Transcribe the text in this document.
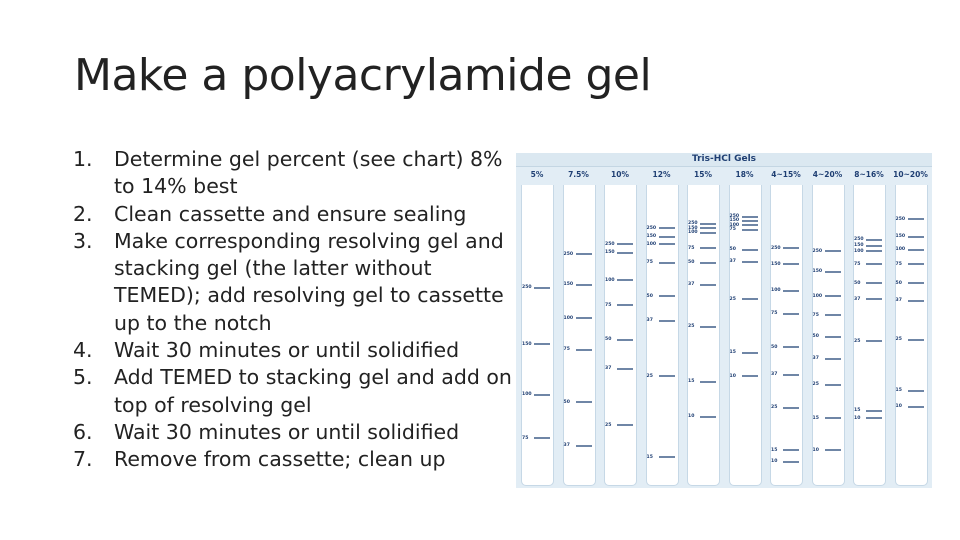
Make a polyacrylamide gel
1.	Determine gel percent (see chart) 8% to 14% best
2.	Clean cassette and ensure sealing
3.	Make corresponding resolving gel and stacking gel (the latter without TEMED); add resolving gel to cassette up to the notch
4.	Wait 30 minutes or until solidified
5.	Add TEMED to stacking gel and add on top of resolving gel
6.	Wait 30 minutes or until solidified
7.	Remove from cassette; clean up
Tris-HCl Gels
5%
250
150
100
75
7.5%
250
150
100
75
50
37
10%
250
150
100
75
50
37
25
12%
250
150
100
75
50
37
25
15
15%
250
150
100
75
50
37
25
15
10
18%
250
150
100
75
50
37
25
15
10
4~15%
250
150
100
75
50
37
25
15
10
4~20%
250
150
100
75
50
37
25
15
10
8~16%
250
150
100
75
50
37
25
15
10
10~20%
250
150
100
75
50
37
25
15
10
